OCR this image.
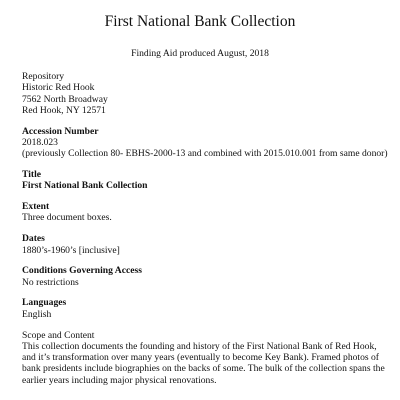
First National Bank Collection
Finding Aid produced August, 2018
Repository
Historic Red Hook
7562 North Broadway
Red Hook, NY 12571
Accession Number
2018.023
(previously Collection 80- EBHS-2000-13 and combined with 2015.010.001 from same donor)
Title
First National Bank Collection
Extent
Three document boxes.
Dates
1880’s-1960’s [inclusive]
Conditions Governing Access
No restrictions
Languages
English
Scope and Content
This collection documents the founding and history of the First National Bank of Red Hook, and it’s transformation over many years (eventually to become Key Bank). Framed photos of bank presidents include biographies on the backs of some. The bulk of the collection spans the earlier years including major physical renovations.
